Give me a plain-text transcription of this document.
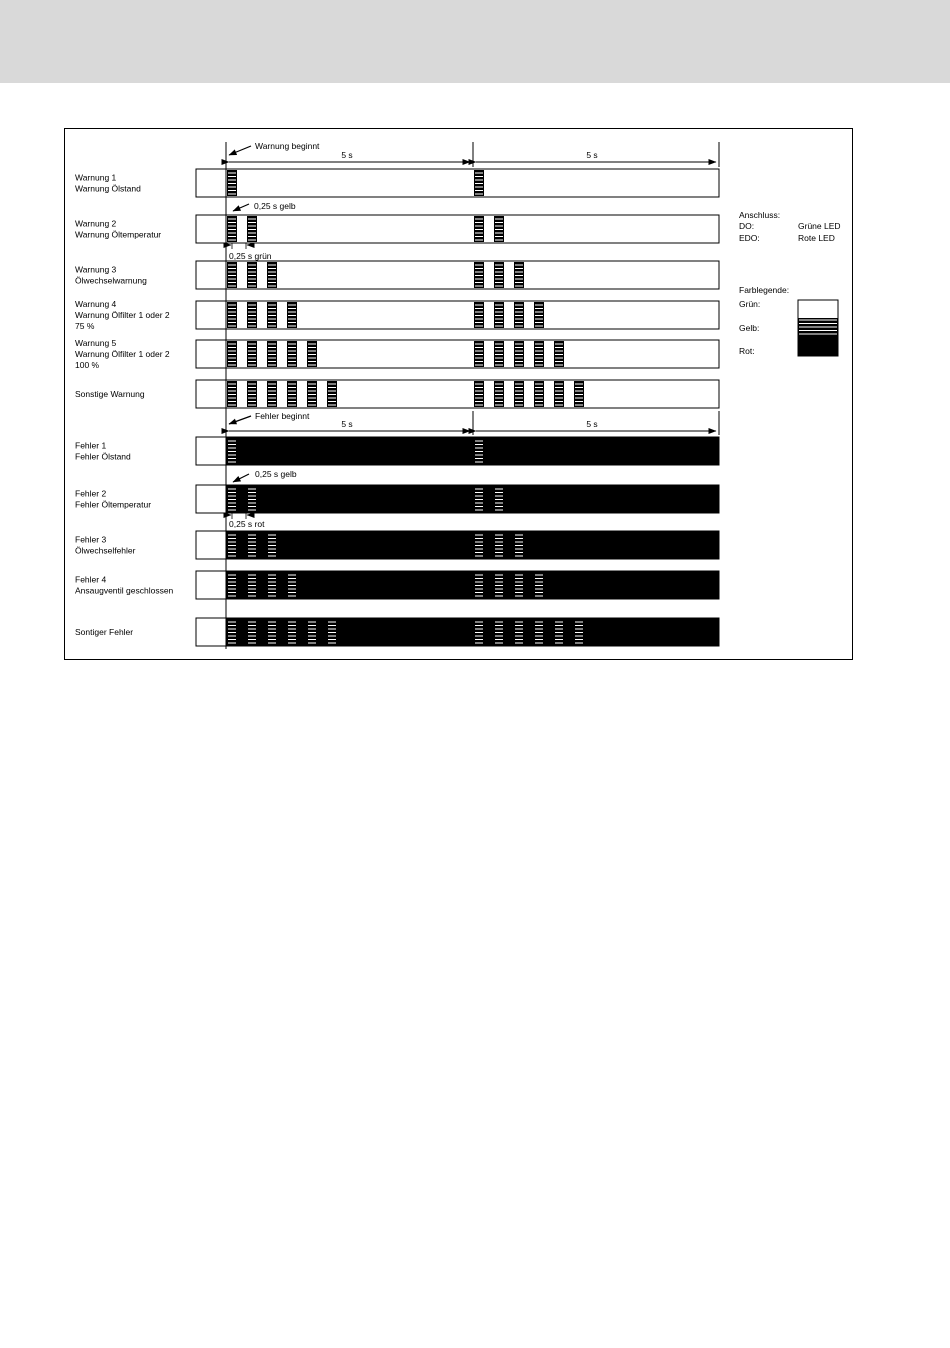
Warnung beginnt
5 s	5 s
0,25 s gelb
0,25 s grün
Fehler beginnt
5 s	5 s
0,25 s gelb
0,25 s rot
Warnung 1
Warnung Ölstand
Warnung 2
Warnung Öltemperatur
Warnung 3
Ölwechselwarnung
Warnung 4
Warnung Ölfilter 1 oder 2
75 %
Warnung 5
Warnung Ölfilter 1 oder 2
100 %
Sonstige Warnung
Fehler 1
Fehler Ölstand
Fehler 2
Fehler Öltemperatur
Fehler 3
Ölwechselfehler
Fehler 4
Ansaugventil geschlossen
Sontiger Fehler
Anschluss:
DO:	Grüne LED
EDO:	Rote LED
Farblegende:
Grün:
Gelb:
Rot:
